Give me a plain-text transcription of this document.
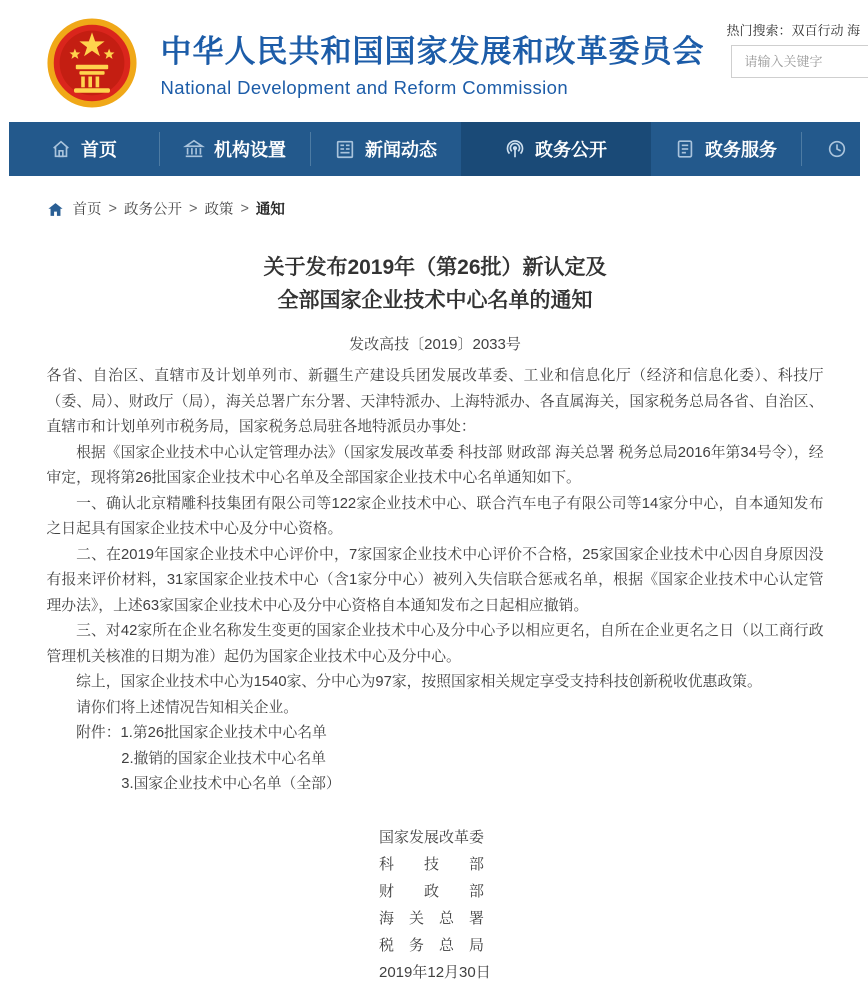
中华人民共和国国家发展和改革委员会
National Development and Reform Commission
热门搜索：双百行动 海
请输入关键字
首页	机构设置	新闻动态	政务公开	政务服务
首页 > 政务公开 > 政策 > 通知
关于发布2019年（第26批）新认定及
全部国家企业技术中心名单的通知
发改高技〔2019〕2033号

各省、自治区、直辖市及计划单列市、新疆生产建设兵团发展改革委、工业和信息化厅（经济和信息化委）、科技厅（委、局）、财政厅（局），海关总署广东分署、天津特派办、上海特派办、各直属海关，国家税务总局各省、自治区、直辖市和计划单列市税务局，国家税务总局驻各地特派员办事处：

根据《国家企业技术中心认定管理办法》（国家发展改革委 科技部 财政部 海关总署 税务总局2016年第34号令），经审定，现将第26批国家企业技术中心名单及全部国家企业技术中心名单通知如下。

一、确认北京精雕科技集团有限公司等122家企业技术中心、联合汽车电子有限公司等14家分中心，自本通知发布之日起具有国家企业技术中心及分中心资格。

二、在2019年国家企业技术中心评价中，7家国家企业技术中心评价不合格，25家国家企业技术中心因自身原因没有报来评价材料，31家国家企业技术中心（含1家分中心）被列入失信联合惩戒名单，根据《国家企业技术中心认定管理办法》，上述63家国家企业技术中心及分中心资格自本通知发布之日起相应撤销。

三、对42家所在企业名称发生变更的国家企业技术中心及分中心予以相应更名，自所在企业更名之日（以工商行政管理机关核准的日期为准）起仍为国家企业技术中心及分中心。

综上，国家企业技术中心为1540家、分中心为97家，按照国家相关规定享受支持科技创新税收优惠政策。

请你们将上述情况告知相关企业。

附件：1.第26批国家企业技术中心名单
2.撤销的国家企业技术中心名单
3.国家企业技术中心名单（全部）
国家发展改革委
科　　技　　部
财　　政　　部
海　关　总　署
税　务　总　局
2019年12月30日
